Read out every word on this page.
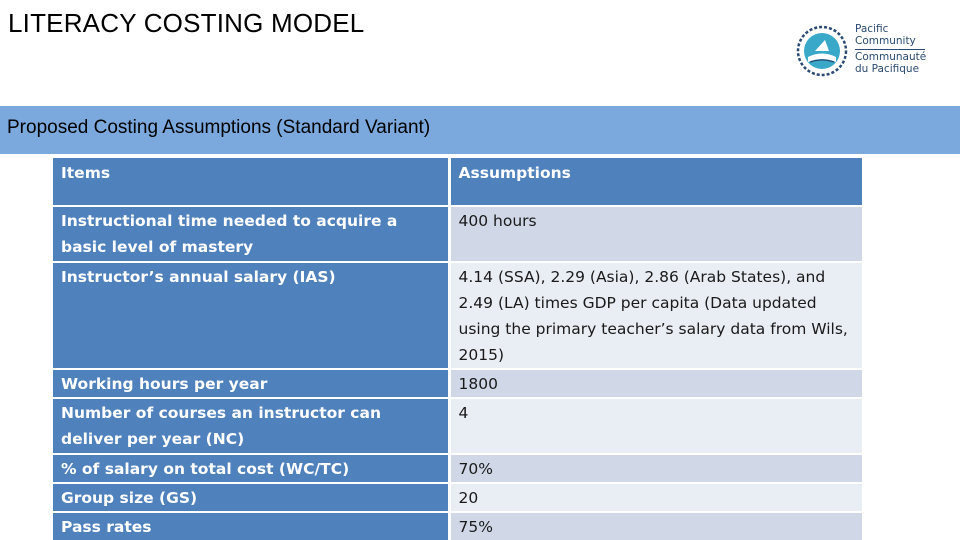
LITERACY COSTING MODEL	Pacific
Community
Communauté
du Pacifique
Proposed Costing Assumptions (Standard Variant)
Items	Assumptions
Instructional time needed to acquire a basic level of mastery	400 hours
Instructor’s annual salary (IAS)	4.14 (SSA), 2.29 (Asia), 2.86 (Arab States), and 2.49 (LA) times GDP per capita (Data updated using the primary teacher’s salary data from Wils, 2015)
Working hours per year	1800
Number of courses an instructor can deliver per year (NC)	4
% of salary on total cost (WC/TC)	70%
Group size (GS)	20
Pass rates	75%
